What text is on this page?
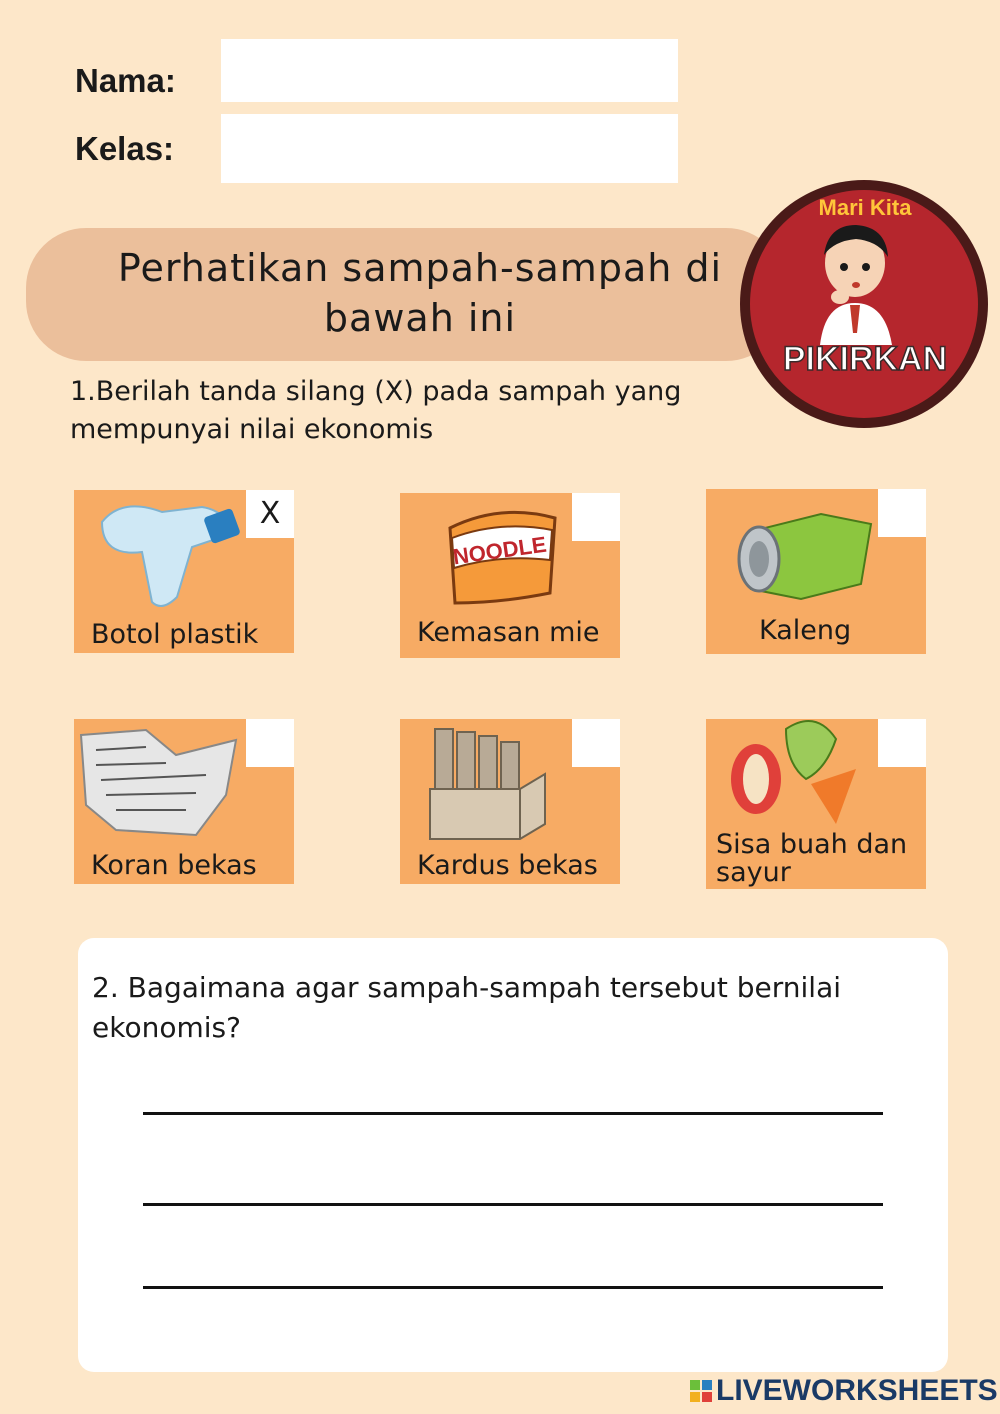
Nama:
Kelas:
Perhatikan sampah-sampah di bawah ini
Mari Kita
PIKIRKAN
1.Berilah tanda silang (X) pada sampah yang mempunyai nilai ekonomis
X
Botol plastik
NOODLE
Kemasan mie	Kaleng
Koran bekas	Kardus bekas
Sisa buah dan sayur
2. Bagaimana agar sampah-sampah tersebut bernilai ekonomis?
LIVEWORKSHEETS
